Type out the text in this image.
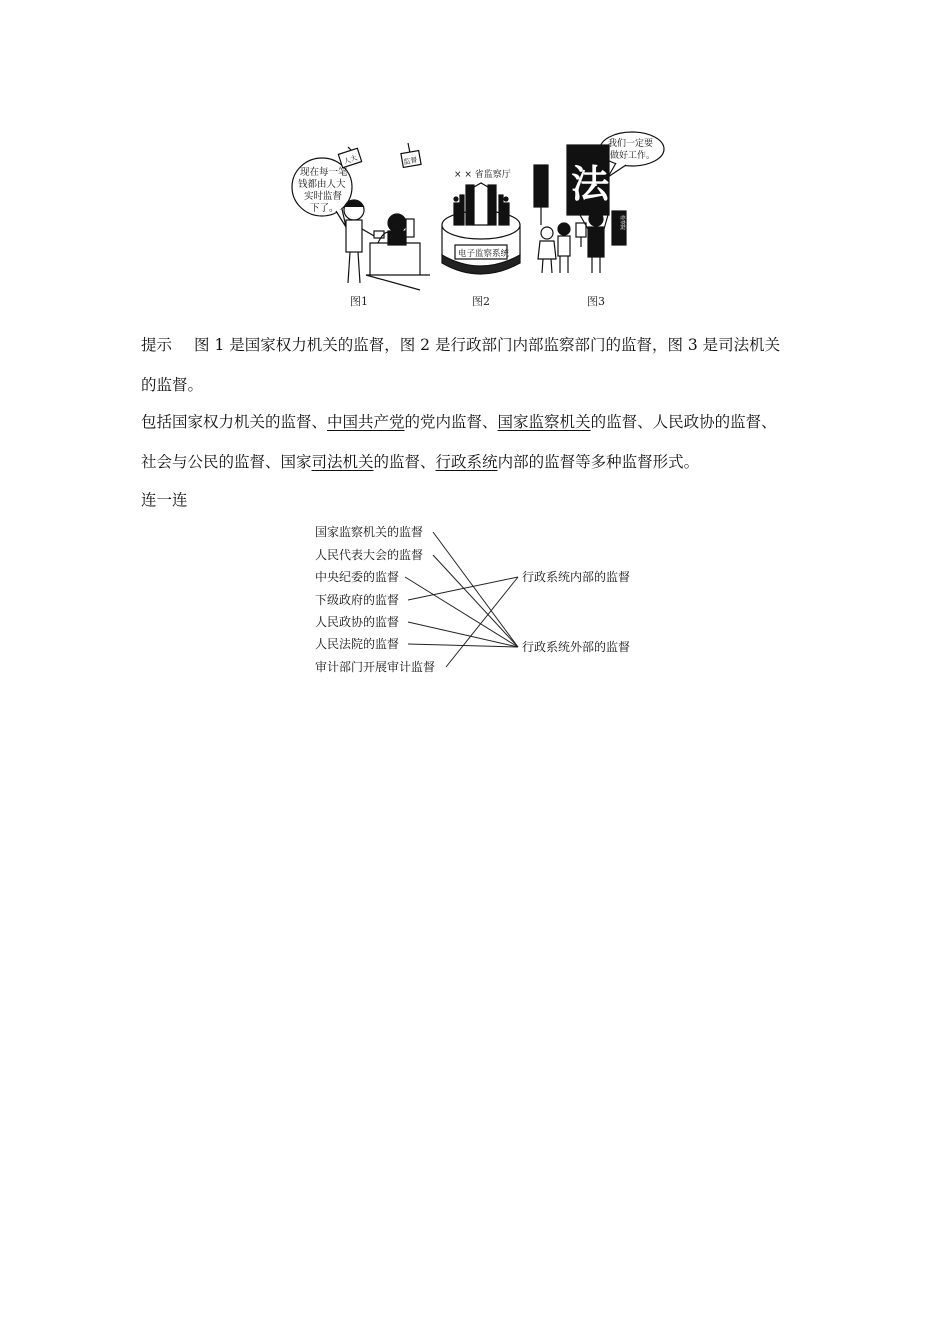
现在每一笔
钱都由人大
实时监督
下了。
人大	监督
× × 省监察厅
电子监察系统
法
我们一定要
做好工作。
检察院
图1	图2	图3
提示 图 1 是国家权力机关的监督，图 2 是行政部门内部监察部门的监督，图 3 是司法机关
的监督。
包括国家权力机关的监督、中国共产党的党内监督、国家监察机关的监督、人民政协的监督、
社会与公民的监督、国家司法机关的监督、行政系统内部的监督等多种监督形式。
连一连
国家监察机关的监督
人民代表大会的监督
中央纪委的监督
下级政府的监督
人民政协的监督
人民法院的监督
审计部门开展审计监督
行政系统内部的监督
行政系统外部的监督
